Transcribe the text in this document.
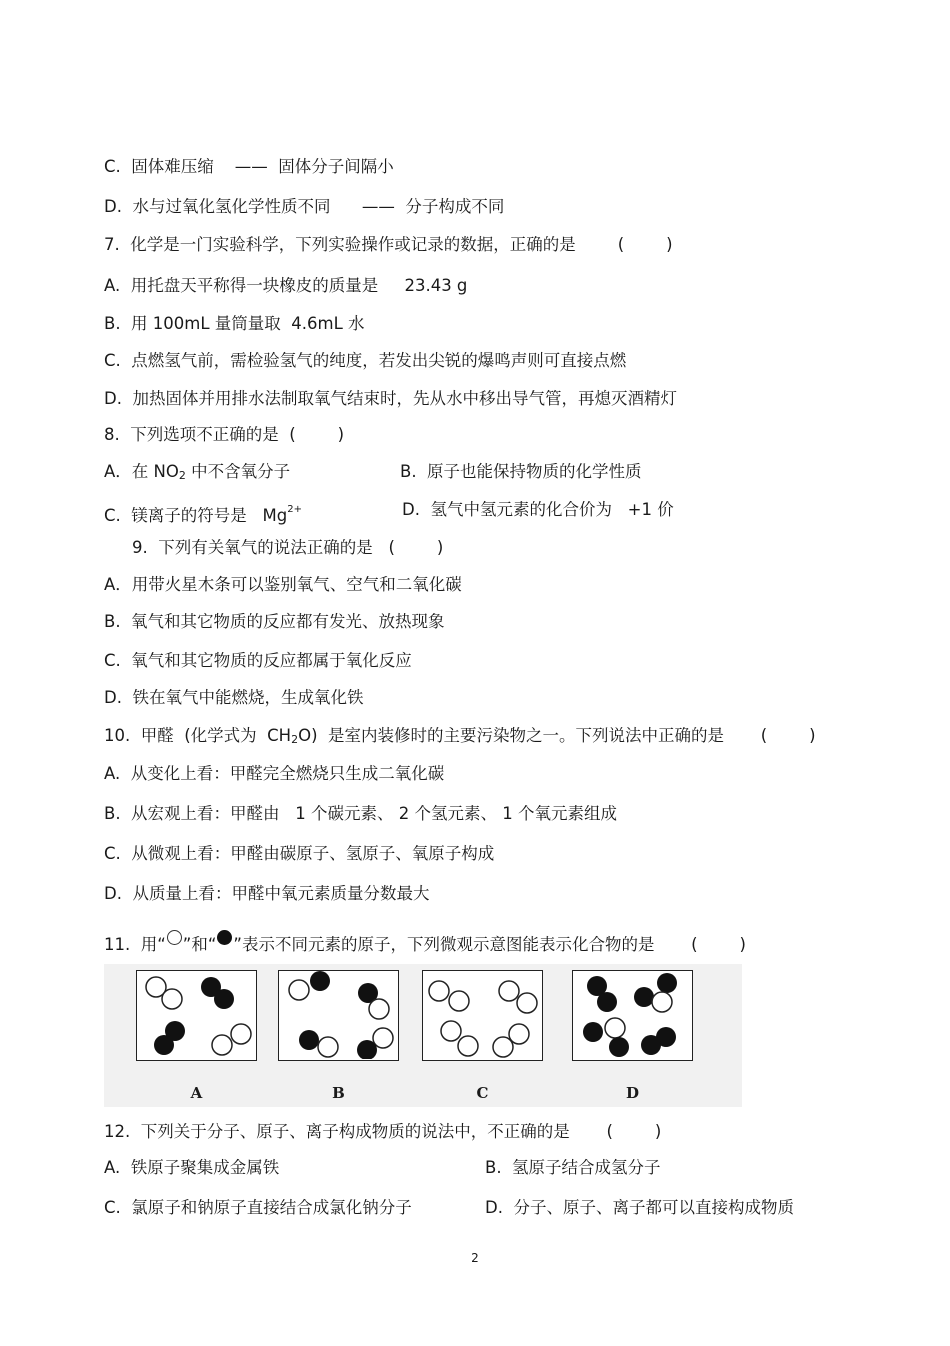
C.  固体难压缩    ——  固体分子间隔小
D.  水与过氧化氢化学性质不同      ——  分子构成不同
7.  化学是一门实验科学，下列实验操作或记录的数据，正确的是        (        )
A.  用托盘天平称得一块橡皮的质量是     23.43 g
B.  用 100mL 量筒量取  4.6mL 水
C.  点燃氢气前，需检验氢气的纯度，若发出尖锐的爆鸣声则可直接点燃
D.  加热固体并用排水法制取氧气结束时，先从水中移出导气管，再熄灭酒精灯
8.  下列选项不正确的是  (        )
A．在 NO2 中不含氧分子	B.  原子也能保持物质的化学性质
C.  镁离子的符号是   $Mg^{2+}$	D.  氢气中氢元素的化合价为   +1 价
9.  下列有关氧气的说法正确的是   (        )
A．用带火星木条可以鉴别氧气、空气和二氧化碳
B.  氧气和其它物质的反应都有发光、放热现象
C.  氧气和其它物质的反应都属于氧化反应
D.  铁在氧气中能燃烧，生成氧化铁
10.  甲醛  (化学式为  CH2O)  是室内装修时的主要污染物之一。下列说法中正确的是       (        )
A.  从变化上看：甲醛完全燃烧只生成二氧化碳
B.  从宏观上看：甲醛由   1 个碳元素、 2 个氢元素、 1 个氧元素组成
C.  从微观上看：甲醛由碳原子、氢原子、氧原子构成
D.  从质量上看：甲醛中氧元素质量分数最大
11.  用“ ”和“ ”表示不同元素的原子，下列微观示意图能表示化合物的是       (        )
A	B	C	D
12.  下列关于分子、原子、离子构成物质的说法中，不正确的是       (        )
A.  铁原子聚集成金属铁	B.  氢原子结合成氢分子
C.  氯原子和钠原子直接结合成氯化钠分子	D.  分子、原子、离子都可以直接构成物质
2
